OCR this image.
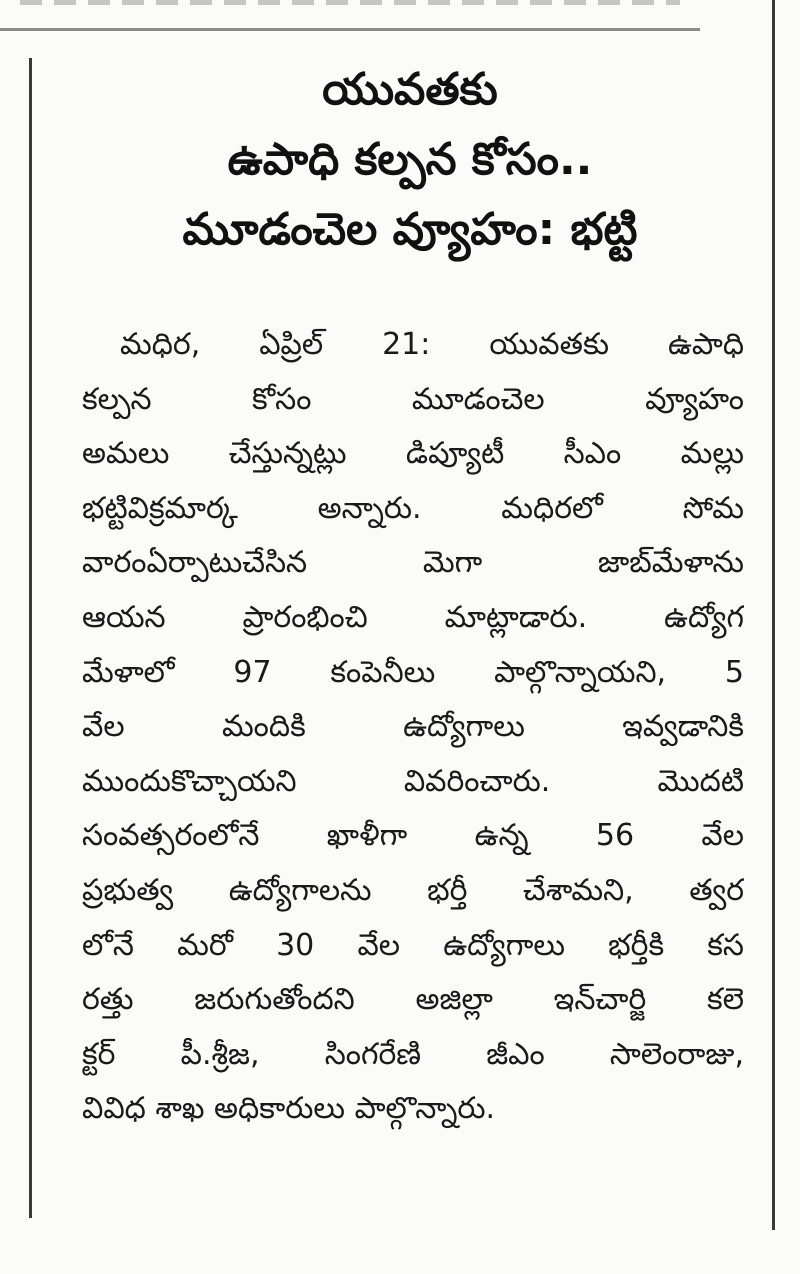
యువతకు
ఉపాధి కల్పన కోసం..
మూడంచెల వ్యూహం: భట్టి
మధిర, ఏప్రిల్ 21: యువతకు ఉపాధి
కల్పన కోసం మూడంచెల వ్యూహం
అమలు చేస్తున్నట్లు డిప్యూటీ సీఎం మల్లు
భట్టివిక్రమార్క అన్నారు. మధిరలో సోమ
వారంఏర్పాటుచేసిన మెగా జాబ్‌మేళాను
ఆయన ప్రారంభించి మాట్లాడారు. ఉద్యోగ
మేళాలో 97 కంపెనీలు పాల్గొన్నాయని, 5
వేల మందికి ఉద్యోగాలు ఇవ్వడానికి
ముందుకొచ్చాయని వివరించారు. మొదటి
సంవత్సరంలోనే ఖాళీగా ఉన్న 56 వేల
ప్రభుత్వ ఉద్యోగాలను భర్తీ చేశామని, త్వర
లోనే మరో 30 వేల ఉద్యోగాలు భర్తీకి కస
రత్తు జరుగుతోందని అజిల్లా ఇన్‌చార్జి కలె
క్టర్ పీ.శ్రీజ, సింగరేణి జీఎం సాలెంరాజు,
వివిధ శాఖ అధికారులు పాల్గొన్నారు.
